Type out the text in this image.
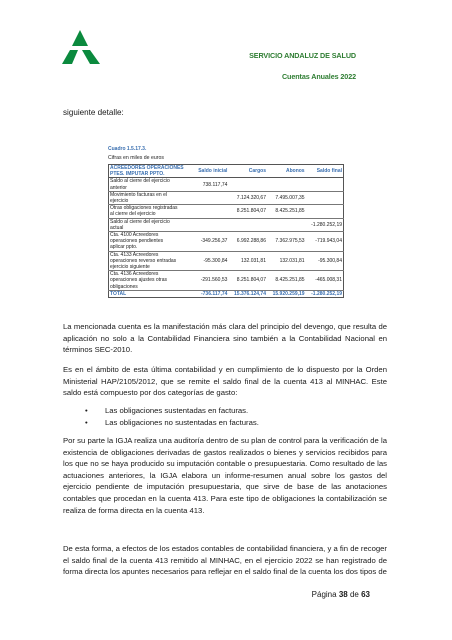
SERVICIO ANDALUZ DE SALUD
Cuentas Anuales 2022
siguiente detalle:
Cuadro 1.5.17.3.
Cifras en miles de euros
ACREEDORES OPERACIONES
PTES. IMPUTAR PPTO.	Saldo inicial	Cargos	Abonos	Saldo final
Saldo al cierre del ejercicio
anterior	738.117,74			
Movimiento facturas en el
ejercicio		7.124.320,67	7.495.007,35	
Otras obligaciones registradas
al cierre del ejercicio		8.251.804,07	8.425.251,85	
Saldo al cierre del ejercicio
actual				-1.280.252,19
Cta. 4100 Acreedores
operaciones pendientes
aplicar ppto.	-349.256,37	6.992.288,86	7.362.975,53	-719.943,04
Cta. 4133 Acreedores
operaciones reverso entradas
ejercicio siguiente	-95.300,84	132.031,81	132.031,81	-95.300,84
Cta. 4136 Acreedores
operaciones ajustes otras
obligaciones	-291.560,53	8.251.804,07	8.425.251,85	-465.008,31
TOTAL	-736.117,74	15.376.124,74	15.920.259,19	-1.280.252,19
La mencionada cuenta es la manifestación más clara del principio del devengo, que resulta de aplicación no solo a la Contabilidad Financiera sino también a la Contabilidad Nacional en términos SEC-2010.
Es en el ámbito de esta última contabilidad y en cumplimiento de lo dispuesto por la Orden Ministerial HAP/2105/2012, que se remite el saldo final de la cuenta 413 al MINHAC. Este saldo está compuesto por dos categorías de gasto:
•	Las obligaciones sustentadas en facturas.
•	Las obligaciones no sustentadas en facturas.
Por su parte la IGJA realiza una auditoría dentro de su plan de control para la verificación de la existencia de obligaciones derivadas de gastos realizados o bienes y servicios recibidos para los que no se haya producido su imputación contable o presupuestaria. Como resultado de las actuaciones anteriores, la IGJA elabora un informe-resumen anual sobre los gastos del ejercicio pendiente de imputación presupuestaria, que sirve de base de las anotaciones contables que procedan en la cuenta 413. Para este tipo de obligaciones la contabilización se realiza de forma directa en la cuenta 413.
De esta forma, a efectos de los estados contables de contabilidad financiera, y a fin de recoger el saldo final de la cuenta 413 remitido al MINHAC, en el ejercicio 2022 se han registrado de forma directa los apuntes necesarios para reflejar en el saldo final de la cuenta los dos tipos de
Página 38 de 63
